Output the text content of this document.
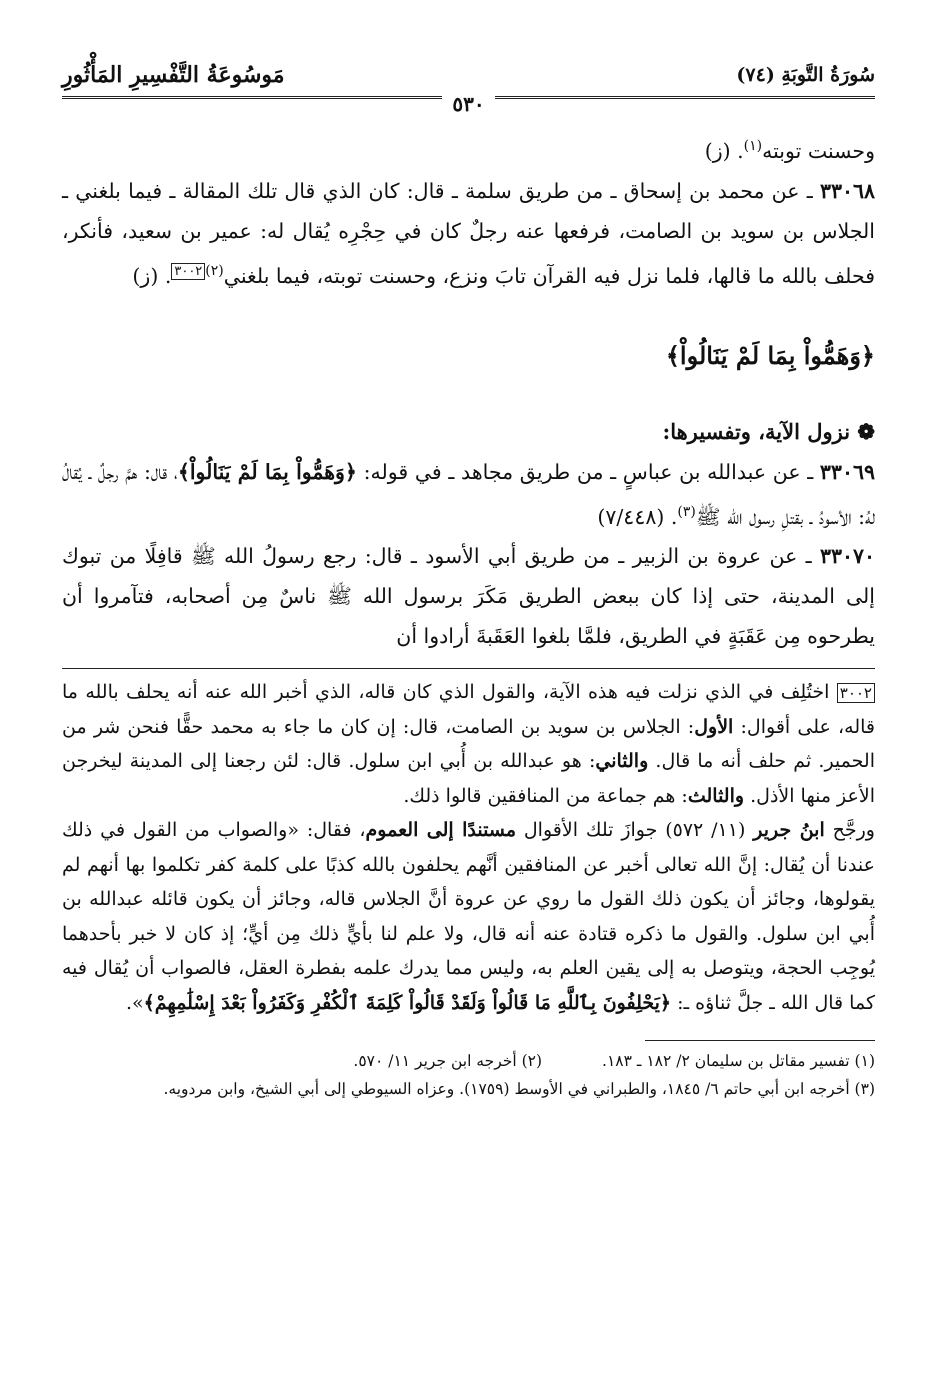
سُورَةُ التَّوبَةِ (٧٤)
مَوسُوعَةُ التَّفْسِيرِ المَأْثُورِ
٥٣٠

وحسنت توبته$^{(١)}$. (ز)

٣٣٠٦٨ ـ عن محمد بن إسحاق ـ من طريق سلمة ـ قال: كان الذي قال تلك المقالة ـ فيما بلغني ـ الجلاس بن سويد بن الصامت، فرفعها عنه رجلٌ كان في حِجْرِه يُقال له: عمير بن سعيد، فأنكر، فحلف بالله ما قالها، فلما نزل فيه القرآن تابَ ونزع، وحسنت توبته، فيما بلغني$^{(٢)٣٠٠٢}$. (ز)

﴿وَهَمُّواْ بِمَا لَمْ يَنَالُواْ﴾

❁ نزول الآية، وتفسيرها:

٣٣٠٦٩ ـ عن عبدالله بن عباسٍ ـ من طريق مجاهد ـ في قوله: ﴿وَهَمُّواْ بِمَا لَمْ يَنَالُواْ﴾، قال: همَّ رجلٌ ـ يُقالُ لهُ: الأسودُ ـ بقتلِ رسول الله ﷺ$^{(٣)}$. (٧/٤٤٨)

٣٣٠٧٠ ـ عن عروة بن الزبير ـ من طريق أبي الأسود ـ قال: رجع رسولُ الله ﷺ قافِلًا من تبوك إلى المدينة، حتى إذا كان ببعض الطريق مَكَرَ برسول الله ﷺ ناسٌ مِن أصحابه، فتآمروا أن يطرحوه مِن عَقَبَةٍ في الطريق، فلمَّا بلغوا العَقَبةَ أرادوا أن

٣٠٠٢ اختُلِف في الذي نزلت فيه هذه الآية، والقول الذي كان قاله، الذي أخبر الله عنه أنه يحلف بالله ما قاله، على أقوال: الأول: الجلاس بن سويد بن الصامت، قال: إن كان ما جاء به محمد حقًّا فنحن شر من الحمير. ثم حلف أنه ما قال. والثاني: هو عبدالله بن أُبي ابن سلول. قال: لئن رجعنا إلى المدينة ليخرجن الأعز منها الأذل. والثالث: هم جماعة من المنافقين قالوا ذلك.

ورجَّح ابنُ جرير (١١/ ٥٧٢) جوازَ تلك الأقوال مستندًا إلى العموم، فقال: «والصواب من القول في ذلك عندنا أن يُقال: إنَّ الله تعالى أخبر عن المنافقين أنَّهم يحلفون بالله كذبًا على كلمة كفر تكلموا بها أنهم لم يقولوها، وجائز أن يكون ذلك القول ما روي عن عروة أنَّ الجلاس قاله، وجائز أن يكون قائله عبدالله بن أُبي ابن سلول. والقول ما ذكره قتادة عنه أنه قال، ولا علم لنا بأيٍّ ذلك مِن أيٍّ؛ إذ كان لا خبر بأحدهما يُوجِب الحجة، ويتوصل به إلى يقين العلم به، وليس مما يدرك علمه بفطرة العقل، فالصواب أن يُقال فيه كما قال الله ـ جلَّ ثناؤه ـ: ﴿يَحْلِفُونَ بِٱللَّهِ مَا قَالُواْ وَلَقَدْ قَالُواْ كَلِمَةَ ٱلْكُفْرِ وَكَفَرُواْ بَعْدَ إِسْلَٰمِهِمْ﴾».

(١) تفسير مقاتل بن سليمان ٢/ ١٨٢ ـ ١٨٣.
(٢) أخرجه ابن جرير ١١/ ٥٧٠.
(٣) أخرجه ابن أبي حاتم ٦/ ١٨٤٥، والطبراني في الأوسط (١٧٥٩). وعزاه السيوطي إلى أبي الشيخ، وابن مردويه.
